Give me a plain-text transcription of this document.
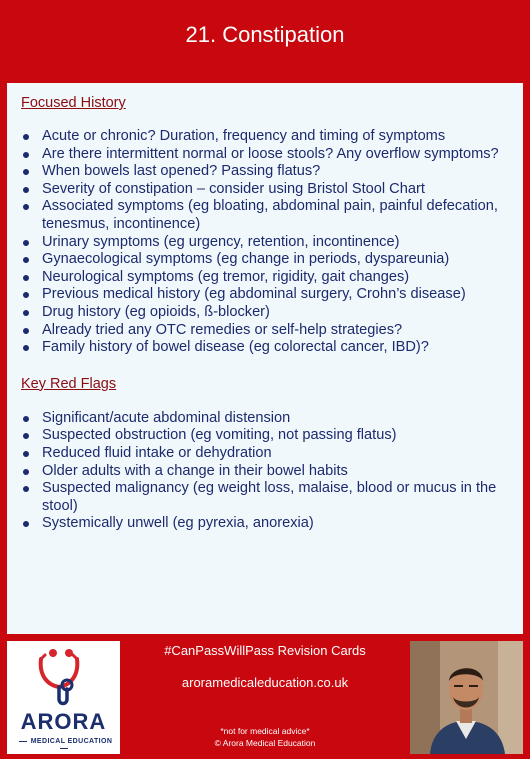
21. Constipation
Focused History
Acute or chronic? Duration, frequency and timing of symptoms
Are there intermittent normal or loose stools? Any overflow symptoms?
When bowels last opened? Passing flatus?
Severity of constipation – consider using Bristol Stool Chart
Associated symptoms (eg bloating, abdominal pain, painful defecation, tenesmus, incontinence)
Urinary symptoms (eg urgency, retention, incontinence)
Gynaecological symptoms (eg change in periods, dyspareunia)
Neurological symptoms (eg tremor, rigidity, gait changes)
Previous medical history (eg abdominal surgery, Crohn’s disease)
Drug history (eg opioids, ß-blocker)
Already tried any OTC remedies or self-help strategies?
Family history of bowel disease (eg colorectal cancer, IBD)?
Key Red Flags
Significant/acute abdominal distension
Suspected obstruction (eg vomiting, not passing flatus)
Reduced fluid intake or dehydration
Older adults with a change in their bowel habits
Suspected malignancy (eg weight loss, malaise, blood or mucus in the stool)
Systemically unwell (eg pyrexia, anorexia)
ARORA
MEDICAL EDUCATION
#CanPassWillPass Revision Cards
aroramedicaleducation.co.uk
*not for medical advice*
© Arora Medical Education
